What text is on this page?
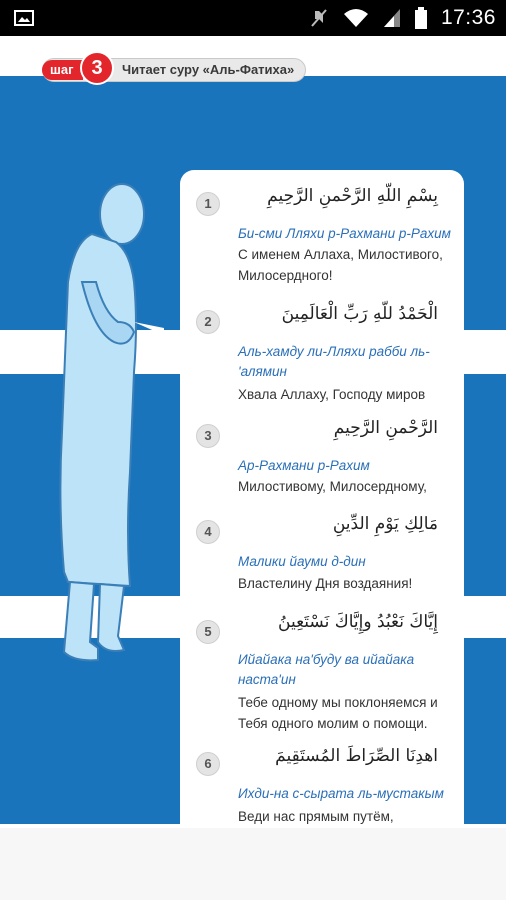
17:36
1	بِسْمِ اللّهِ الرَّحْمنِ الرَّحِيمِ
Би-сми Лляхи р-Рахмани р-Рахим
С именем Аллаха, Милостивого, Милосердного!
2	الْحَمْدُ للّهِ رَبِّ الْعَالَمِينَ
Аль-хамду ли-Лляхи рабби ль-'алямин
Хвала Аллаху, Господу миров
3	الرَّحْمنِ الرَّحِيمِ
Ар-Рахмани р-Рахим
Милостивому, Милосердному,
4	مَالِكِ يَوْمِ الدِّينِ
Малики йауми д-дин
Властелину Дня воздаяния!
5	إِيَّاكَ نَعْبُدُ وإِيَّاكَ نَسْتَعِينُ
Ийайака на'буду ва ийайака наста'ин
Тебе одному мы поклоняемся и Тебя одного молим о помощи.
6	اهدِنَا الصِّرَاطَ المُستَقِيمَ
Ихди-на с-сырата ль-мустакым
Веди нас прямым путём,
шаг 3	Читает суру «Аль-Фатиха»
